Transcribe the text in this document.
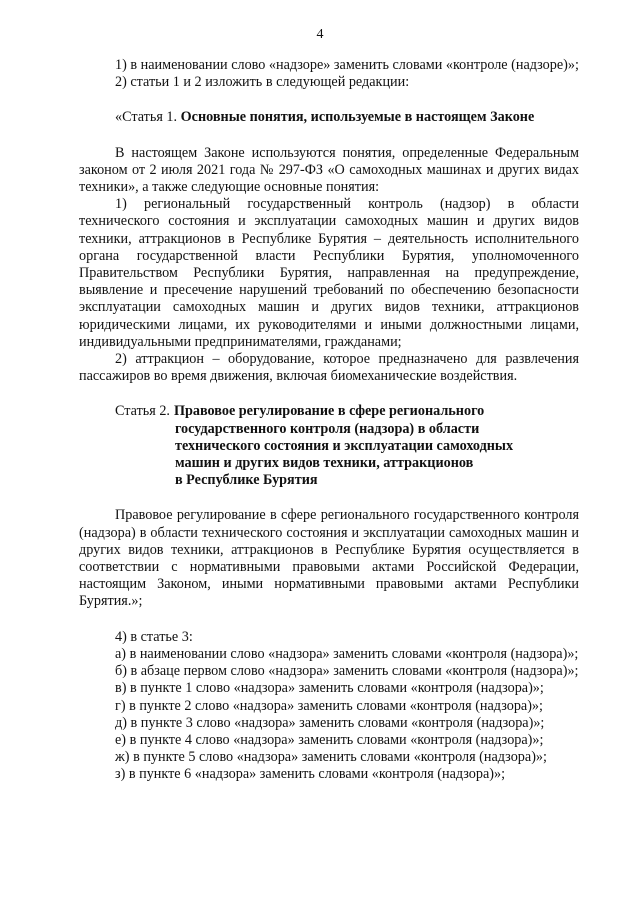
4

1) в наименовании слово «надзоре» заменить словами «контроле (надзоре)»;

2) статьи 1 и 2 изложить в следующей редакции:

«Статья 1. Основные понятия, используемые в настоящем Законе

В настоящем Законе используются понятия, определенные Федеральным законом от 2 июля 2021 года № 297-ФЗ «О самоходных машинах и других видах техники», а также следующие основные понятия:

1) региональный государственный контроль (надзор) в области технического состояния и эксплуатации самоходных машин и других видов техники, аттракционов в Республике Бурятия – деятельность исполнительного органа государственной власти Республики Бурятия, уполномоченного Правительством Республики Бурятия, направленная на предупреждение, выявление и пресечение нарушений требований по обеспечению безопасности эксплуатации самоходных машин и других видов техники, аттракционов юридическими лицами, их руководителями и иными должностными лицами, индивидуальными предпринимателями, гражданами;

2) аттракцион – оборудование, которое предназначено для развлечения пассажиров во время движения, включая биомеханические воздействия.

Статья 2. Правовое регулирование в сфере регионального
государственного контроля (надзора) в области
технического состояния и эксплуатации самоходных
машин и других видов техники, аттракционов
в Республике Бурятия

Правовое регулирование в сфере регионального государственного контроля (надзора) в области технического состояния и эксплуатации самоходных машин и других видов техники, аттракционов в Республике Бурятия осуществляется в соответствии с нормативными правовыми актами Российской Федерации, настоящим Законом, иными нормативными правовыми актами Республики Бурятия.»;

4) в статье 3:

а) в наименовании слово «надзора» заменить словами «контроля (надзора)»;

б) в абзаце первом слово «надзора» заменить словами «контроля (надзора)»;

в) в пункте 1 слово «надзора» заменить словами «контроля (надзора)»;

г) в пункте 2 слово «надзора» заменить словами «контроля (надзора)»;

д) в пункте 3 слово «надзора» заменить словами «контроля (надзора)»;

е) в пункте 4 слово «надзора» заменить словами «контроля (надзора)»;

ж) в пункте 5 слово «надзора» заменить словами «контроля (надзора)»;

з) в пункте 6 «надзора» заменить словами «контроля (надзора)»;
